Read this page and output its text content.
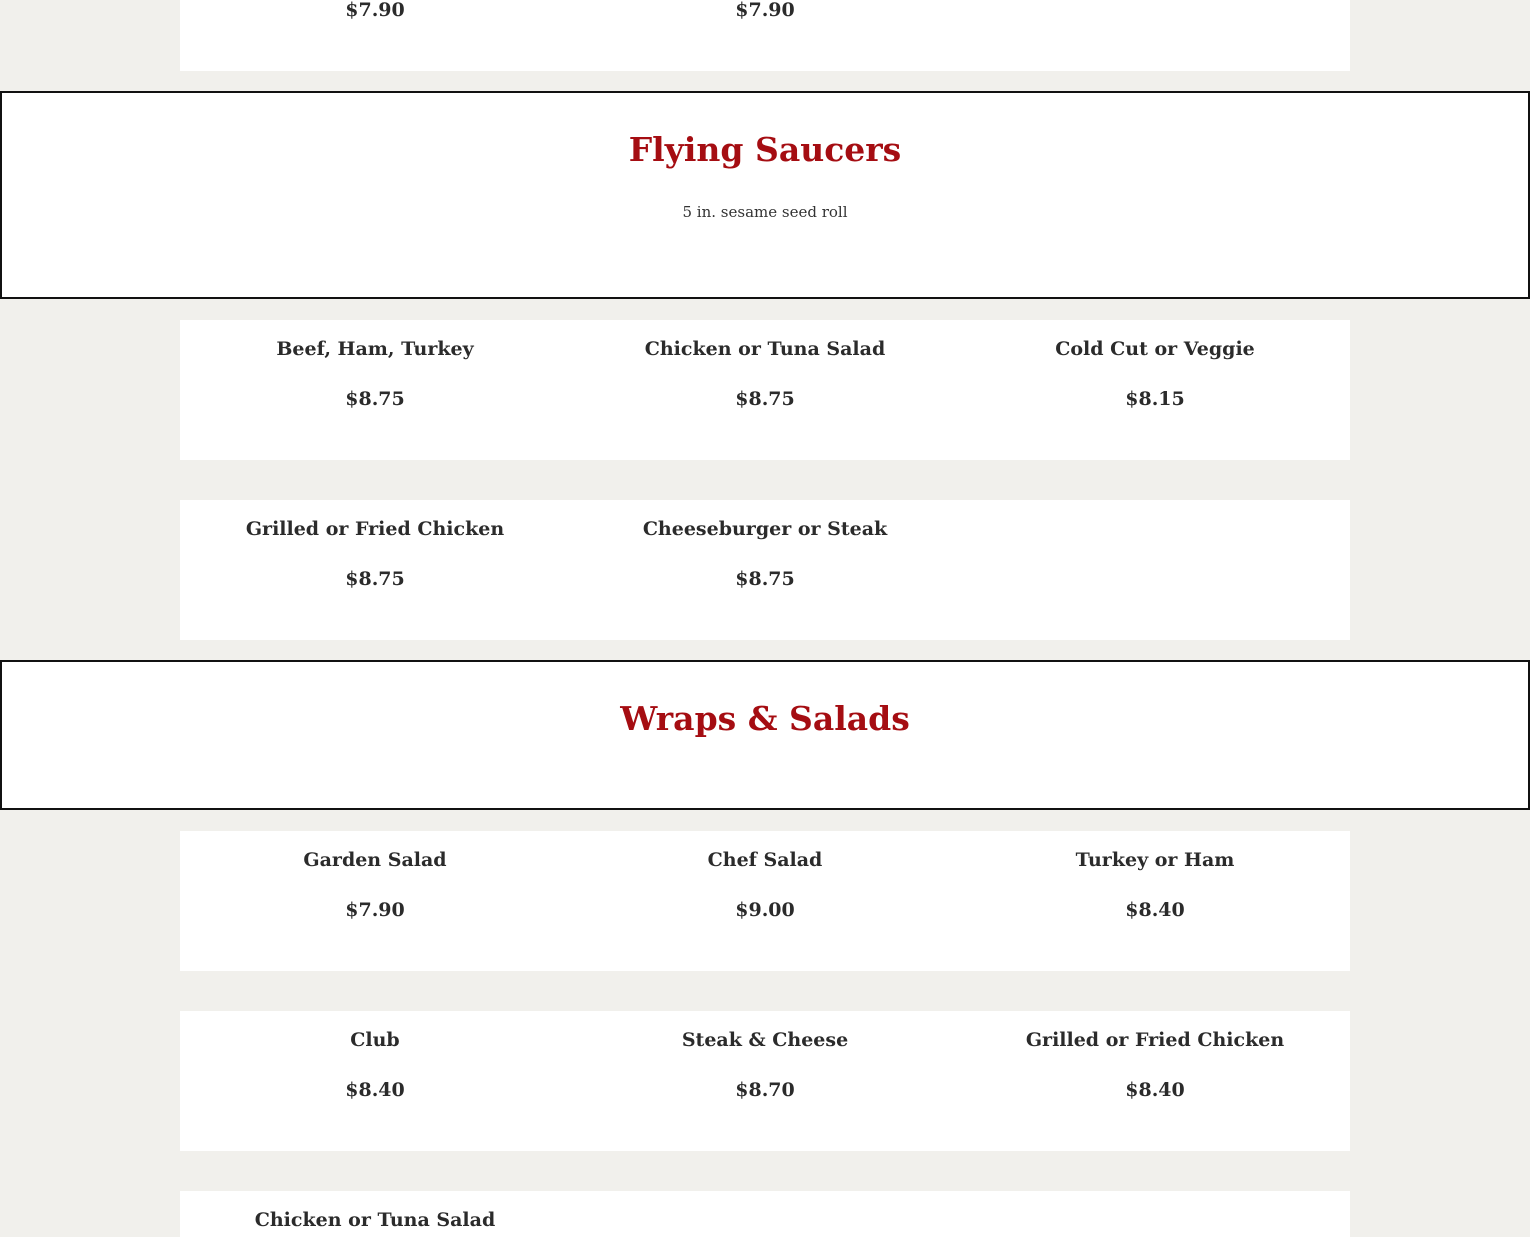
$7.90	$7.90
Flying Saucers

5 in. sesame seed roll

Beef, Ham, Turkey
$8.75
Chicken or Tuna Salad
$8.75
Cold Cut or Veggie
$8.15
Grilled or Fried Chicken
$8.75
Cheeseburger or Steak
$8.75
Wraps & Salads
Garden Salad
$7.90
Chef Salad
$9.00
Turkey or Ham
$8.40
Club
$8.40
Steak & Cheese
$8.70
Grilled or Fried Chicken
$8.40
Chicken or Tuna Salad
